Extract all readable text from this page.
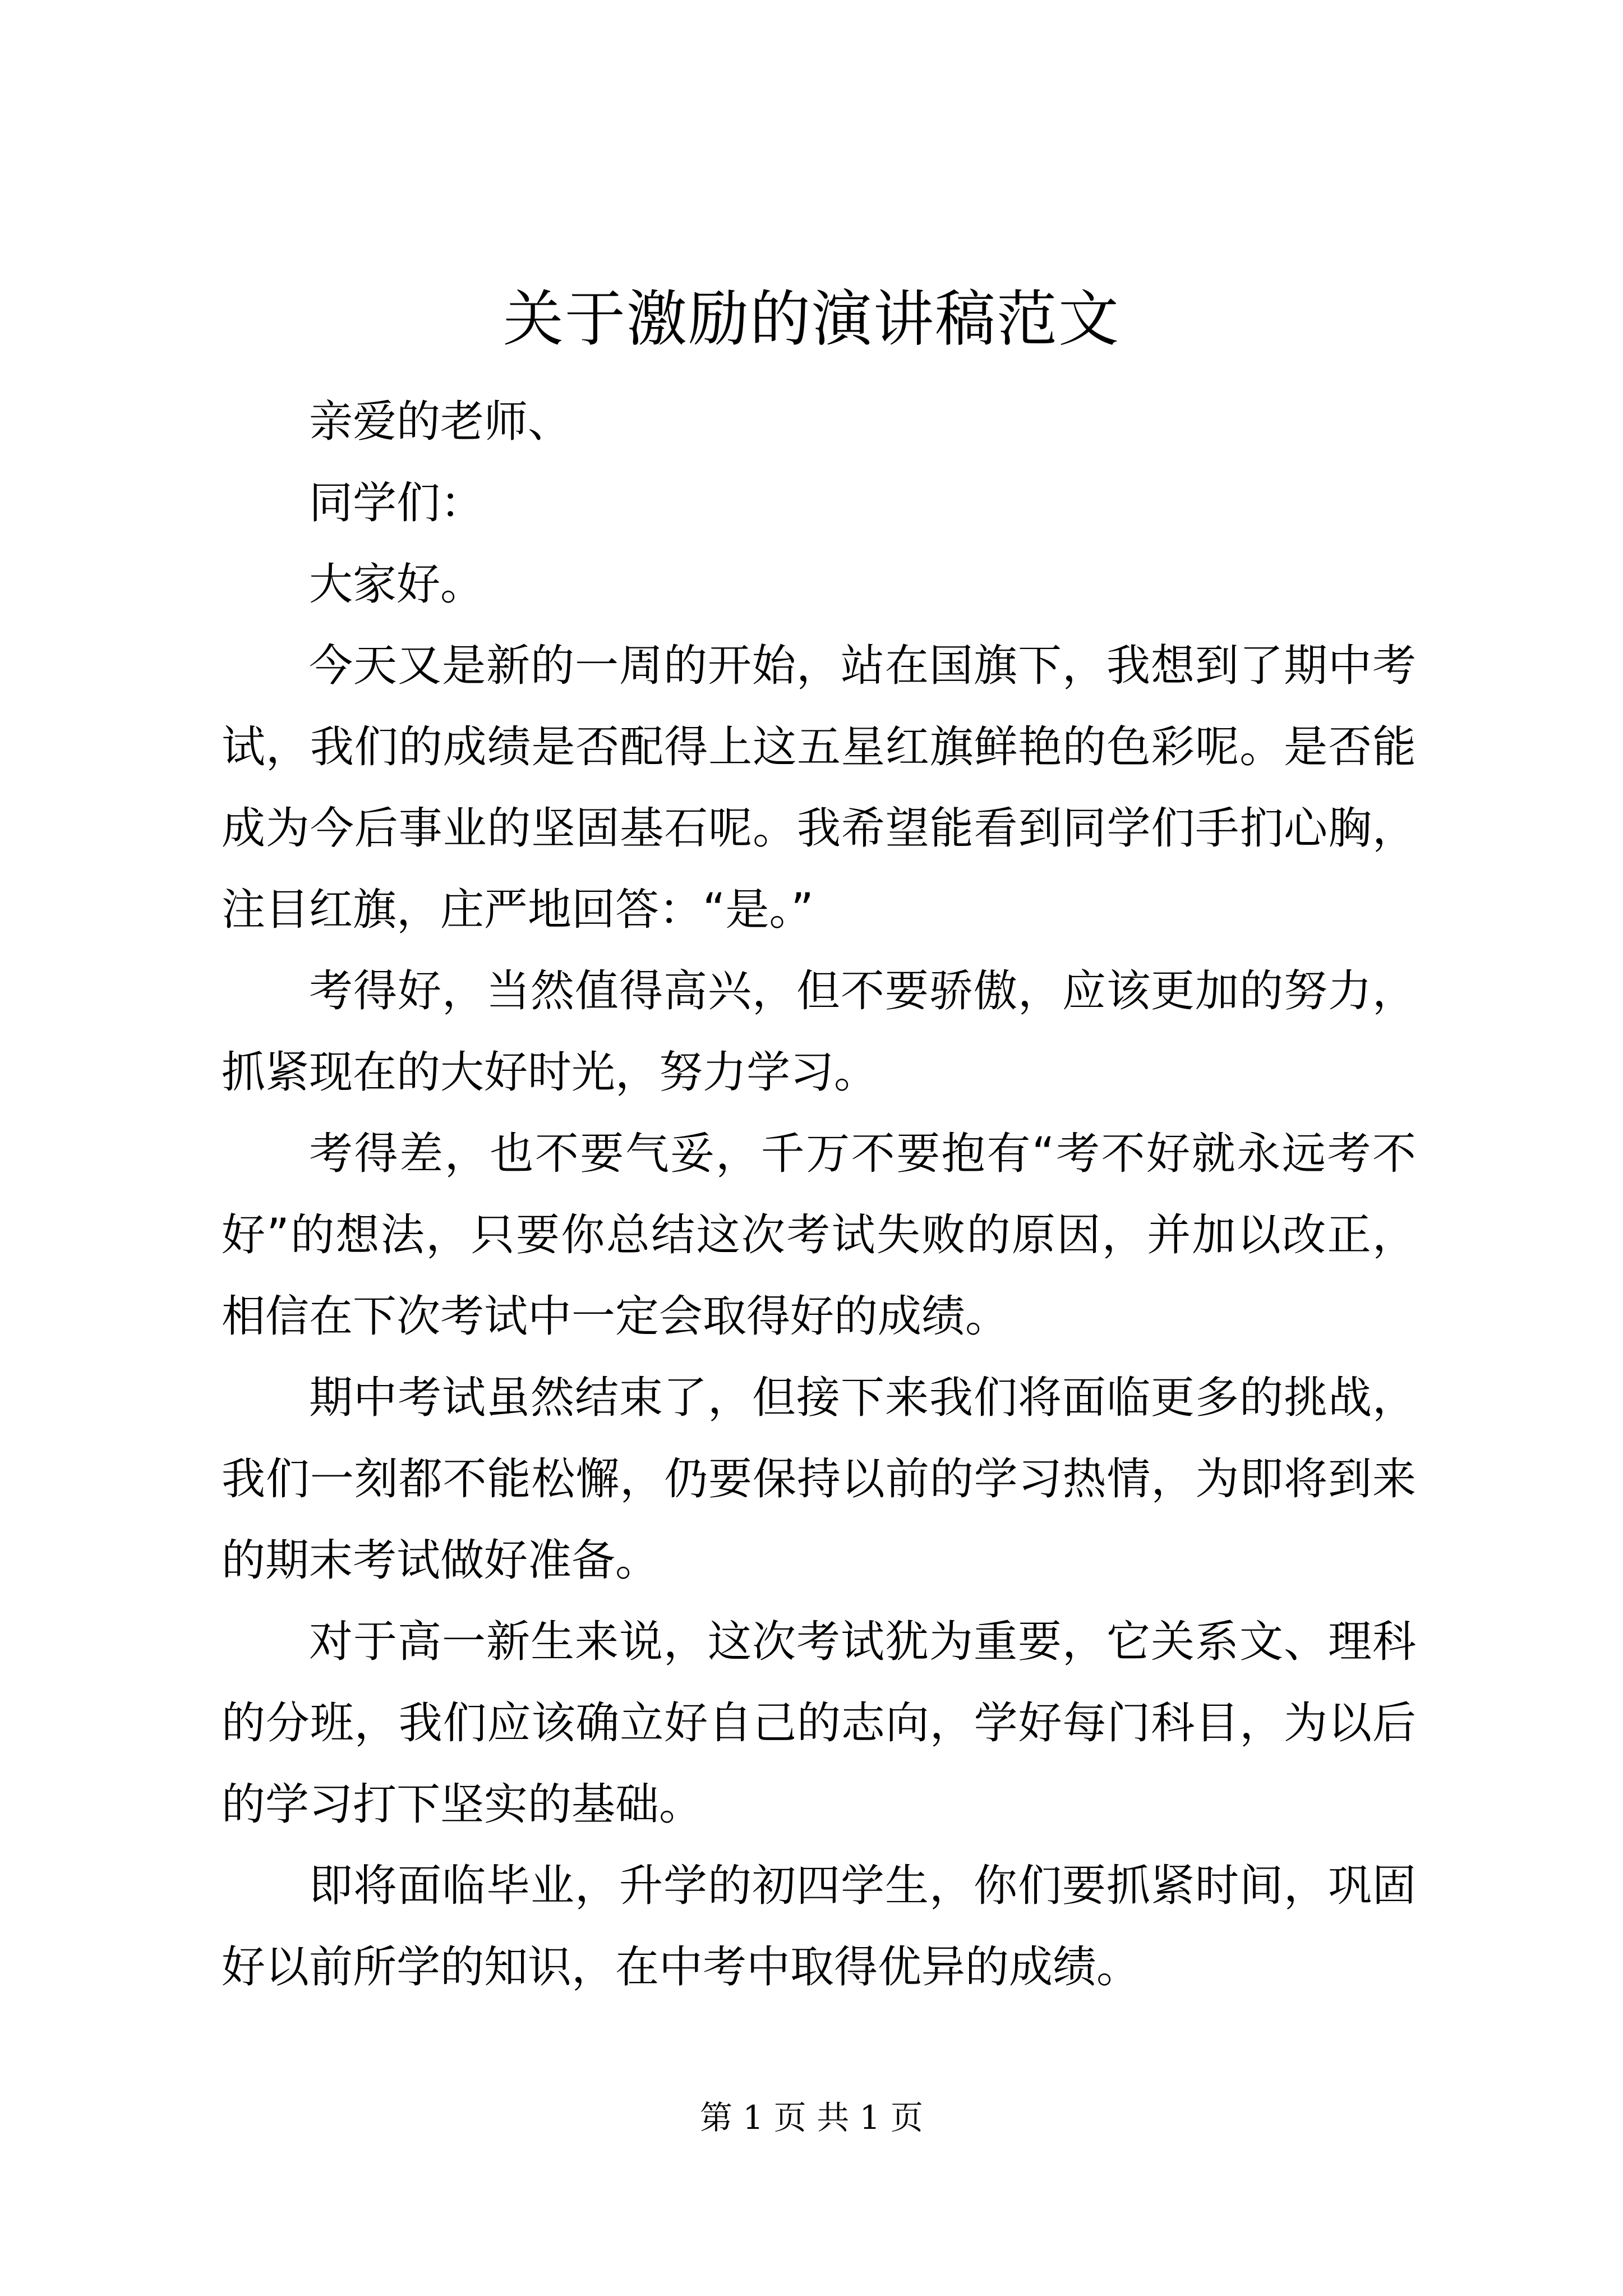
关于激励的演讲稿范文

亲爱的老师、

同学们：

大家好。

今天又是新的一周的开始，站在国旗下，我想到了期中考试，我们的成绩是否配得上这五星红旗鲜艳的色彩呢。是否能成为今后事业的坚固基石呢。我希望能看到同学们手扪心胸，注目红旗，庄严地回答：“是。”

考得好，当然值得高兴，但不要骄傲，应该更加的努力，抓紧现在的大好时光，努力学习。

考得差，也不要气妥，千万不要抱有“考不好就永远考不好”的想法，只要你总结这次考试失败的原因，并加以改正，相信在下次考试中一定会取得好的成绩。

期中考试虽然结束了，但接下来我们将面临更多的挑战，我们一刻都不能松懈，仍要保持以前的学习热情，为即将到来的期末考试做好准备。

对于高一新生来说，这次考试犹为重要，它关系文、理科的分班，我们应该确立好自己的志向，学好每门科目，为以后的学习打下坚实的基础。

即将面临毕业，升学的初四学生，你们要抓紧时间，巩固好以前所学的知识，在中考中取得优异的成绩。

第 1 页 共 1 页
